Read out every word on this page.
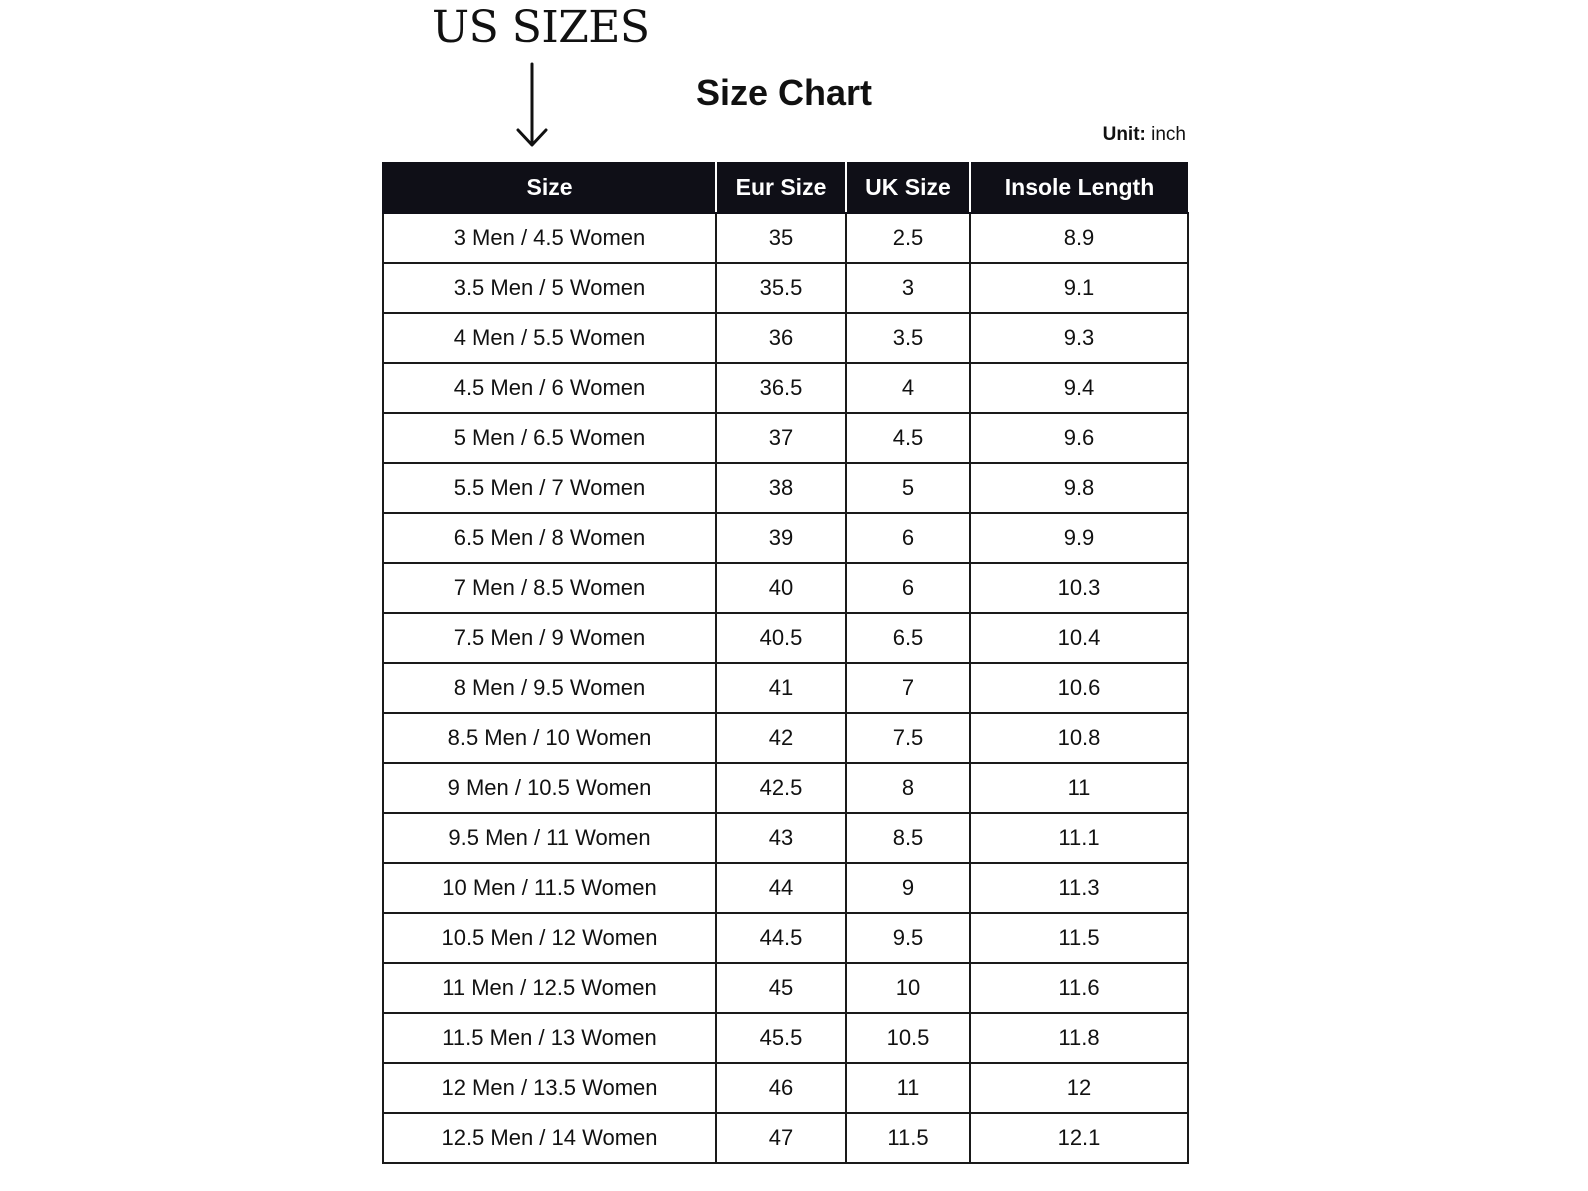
US SIZES
Size Chart
Unit: inch
Size	Eur Size	UK Size	Insole Length
3 Men / 4.5 Women	35	2.5	8.9
3.5 Men / 5 Women	35.5	3	9.1
4 Men / 5.5 Women	36	3.5	9.3
4.5 Men / 6 Women	36.5	4	9.4
5 Men / 6.5 Women	37	4.5	9.6
5.5 Men / 7 Women	38	5	9.8
6.5 Men / 8 Women	39	6	9.9
7 Men / 8.5 Women	40	6	10.3
7.5 Men / 9 Women	40.5	6.5	10.4
8 Men / 9.5 Women	41	7	10.6
8.5 Men / 10 Women	42	7.5	10.8
9 Men / 10.5 Women	42.5	8	11
9.5 Men / 11 Women	43	8.5	11.1
10 Men / 11.5 Women	44	9	11.3
10.5 Men / 12 Women	44.5	9.5	11.5
11 Men / 12.5 Women	45	10	11.6
11.5 Men / 13 Women	45.5	10.5	11.8
12 Men / 13.5 Women	46	11	12
12.5 Men / 14 Women	47	11.5	12.1
